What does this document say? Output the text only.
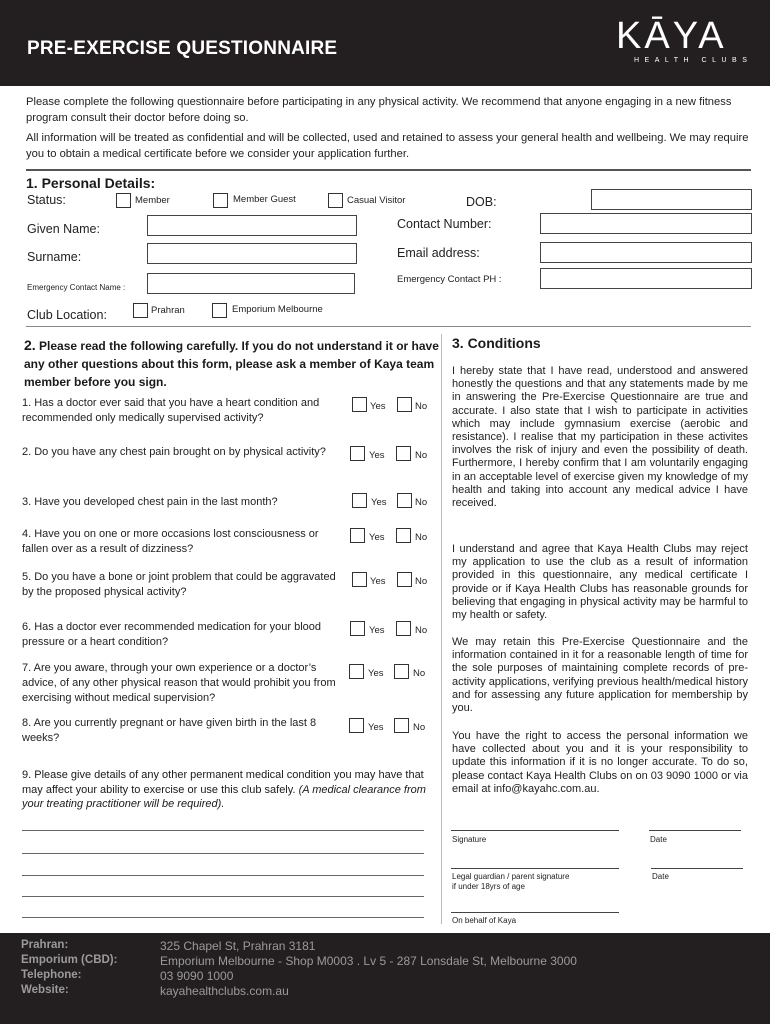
PRE-EXERCISE QUESTIONNAIRE	KĀYA
HEALTH CLUBS
Please complete the following questionnaire before participating in any physical activity. We recommend that anyone engaging in a new fitness program consult their doctor before doing so.
All information will be treated as confidential and will be collected, used and retained to assess your general health and wellbeing. We may require you to obtain a medical certificate before we consider your application further.
1. Personal Details:
Status:	Member	Member Guest	Casual Visitor	DOB:
Given Name:	Contact Number:
Surname:	Email address:
Emergency Contact Name :
Emergency Contact PH :
Club Location:	Prahran	Emporium Melbourne
2. Please read the following carefully. If you do not understand it or have any other questions about this form, please ask a member of Kaya team member before you sign.
1. Has a doctor ever said that you have a heart condition and recommended only medically supervised activity?
Yes	No
2. Do you have any chest pain brought on by physical activity?	Yes	No
3. Have you developed chest pain in the last month?	Yes	No
4. Have you on one or more occasions lost consciousness or fallen over as a result of dizziness?
Yes	No
5. Do you have a bone or joint problem that could be aggravated by the proposed physical activity?
Yes	No
6. Has a doctor ever recommended medication for your blood pressure or a heart condition?
Yes	No
7. Are you aware, through your own experience or a doctor’s advice, of any other physical reason that would prohibit you from exercising without medical supervision?
Yes	No
8. Are you currently pregnant or have given birth in the last 8 weeks?
Yes	No
9. Please give details of any other permanent medical condition you may have that may affect your ability to exercise or use this club safely. (A medical clearance from your treating practitioner will be required).
3. Conditions
I hereby state that I have read, understood and answered honestly the questions and that any statements made by me in answering the Pre-Exercise Questionnaire are true and accurate. I also state that I wish to participate in activities which may include gymnasium exercise (aerobic and resistance). I realise that my participation in these activites involves the risk of injury and even the possibility of death. Furthermore, I hereby confirm that I am voluntarily engaging in an acceptable level of exercise given my knowledge of my health and taking into account any medical advice I have received.
I understand and agree that Kaya Health Clubs may reject my application to use the club as a result of information provided in this questionnaire, any medical certificate I provide or if Kaya Health Clubs has reasonable grounds for believing that engaging in physical activity may be harmful to my health or safety.
We may retain this Pre-Exercise Questionnaire and the information contained in it for a reasonable length of time for the sole purposes of maintaining complete records of pre-activity applications, verifying previous health/medical history and for assessing any future application for membership by you.
You have the right to access the personal information we have collected about you and it is your responsibility to update this information if it is no longer accurate. To do so, please contact Kaya Health Clubs on on 03 9090 1000 or via email at info@kayahc.com.au.
Signature	Date
Legal guardian / parent signature
if under 18yrs of age
Date
On behalf of Kaya
Prahran:	325 Chapel St, Prahran 3181
Emporium (CBD):	Emporium Melbourne - Shop M0003 . Lv 5 - 287 Lonsdale St, Melbourne 3000
Telephone:	03 9090 1000
Website:	kayahealthclubs.com.au
